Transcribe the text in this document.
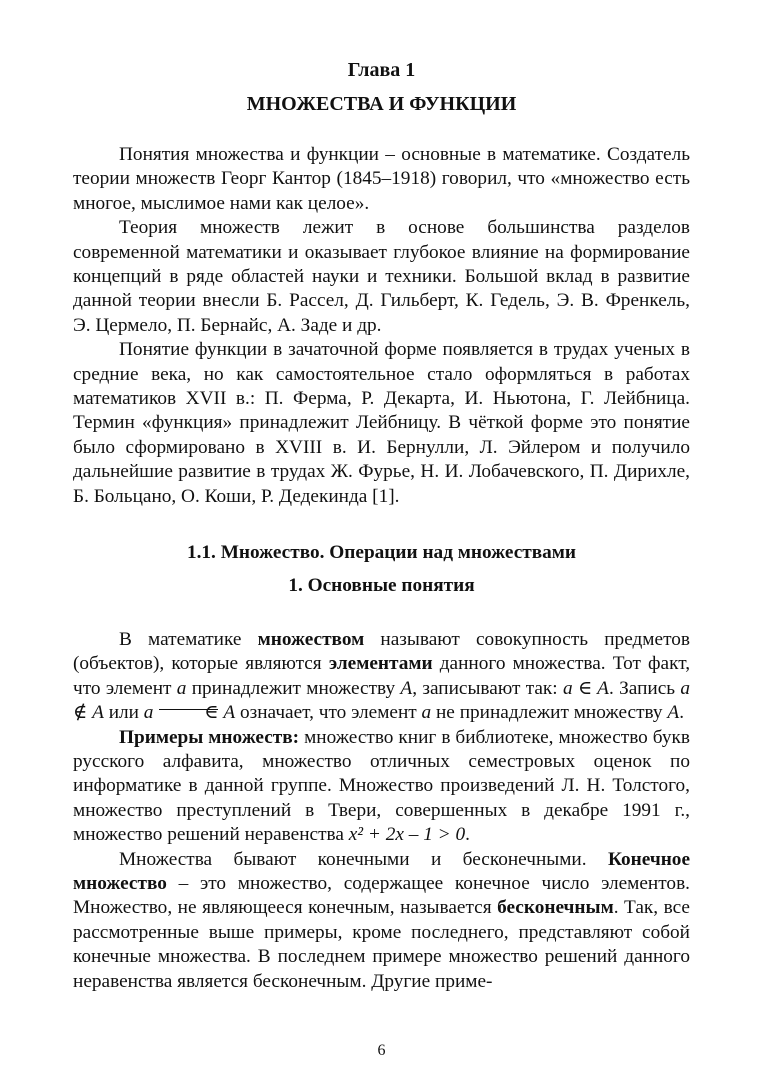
Глава 1
МНОЖЕСТВА И ФУНКЦИИ

Понятия множества и функции – основные в математике. Создатель теории множеств Георг Кантор (1845–1918) говорил, что «множество есть многое, мыслимое нами как целое».

Теория множеств лежит в основе большинства разделов современной математики и оказывает глубокое влияние на формирование концепций в ряде областей науки и техники. Большой вклад в развитие данной теории внесли Б. Рассел, Д. Гильберт, К. Гедель, Э. В. Френкель, Э. Цермело, П. Бернайс, А. Заде и др.

Понятие функции в зачаточной форме появляется в трудах ученых в средние века, но как самостоятельное стало оформляться в работах математиков XVII в.: П. Ферма, Р. Декарта, И. Ньютона, Г. Лейбница. Термин «функция» принадлежит Лейбницу. В чёткой форме это понятие было сформировано в XVIII в. И. Бернулли, Л. Эйлером и получило дальнейшие развитие в трудах Ж. Фурье, Н. И. Лобачевского, П. Дирихле, Б. Больцано, О. Коши, Р. Дедекинда [1].

1.1. Множество. Операции над множествами
1. Основные понятия

В математике множеством называют совокупность предметов (объектов), которые являются элементами данного множества. Тот факт, что элемент a принадлежит множеству A, записывают так: a ∈ A. Запись a ∉ A или a	∈ A означает, что элемент a не принадлежит множеству A.

Примеры множеств: множество книг в библиотеке, множество букв русского алфавита, множество отличных семестровых оценок по информатике в данной группе. Множество произведений Л. Н. Толстого, множество преступлений в Твери, совершенных в декабре 1991 г., множество решений неравенства x² + 2x – 1 > 0.

Множества бывают конечными и бесконечными. Конечное множество – это множество, содержащее конечное число элементов. Множество, не являющееся конечным, называется бесконечным. Так, все рассмотренные выше примеры, кроме последнего, представляют собой конечные множества. В последнем примере множество решений данного неравенства является бесконечным. Другие приме-

6
